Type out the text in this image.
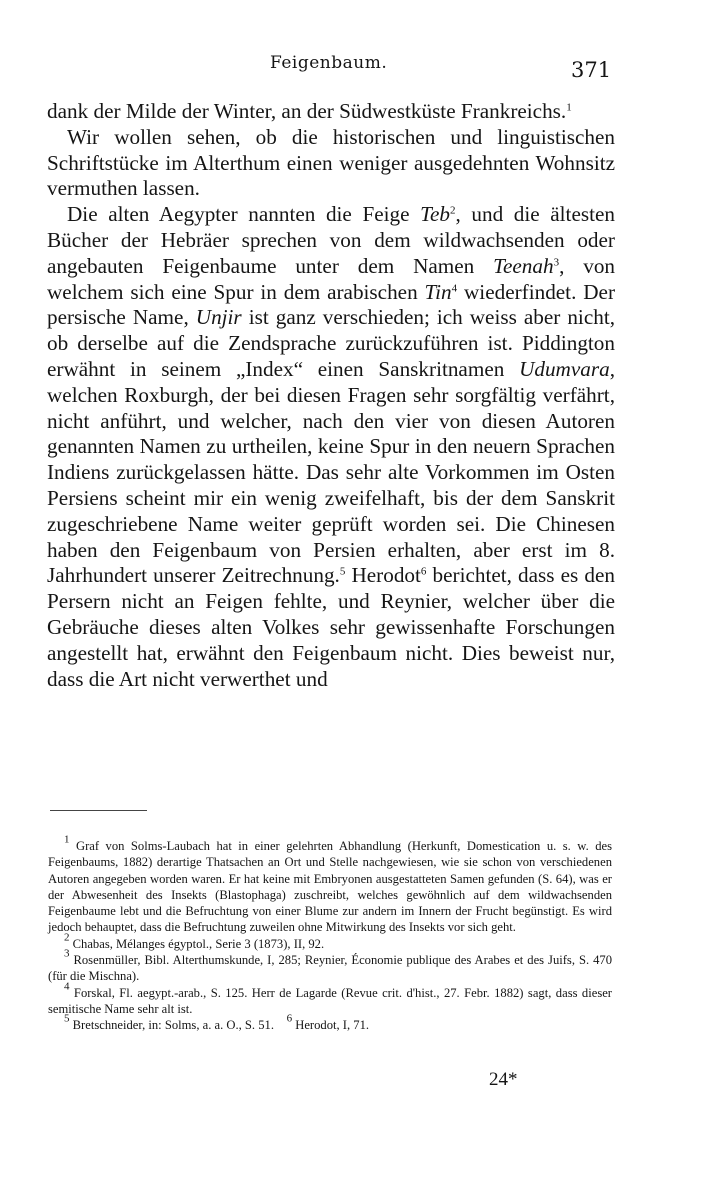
Feigenbaum.	371

dank der Milde der Winter, an der Südwestküste Frankreichs.$^1$

Wir wollen sehen, ob die historischen und linguistischen Schriftstücke im Alterthum einen weniger ausgedehnten Wohnsitz vermuthen lassen.

Die alten Aegypter nannten die Feige Teb$^2$, und die ältesten Bücher der Hebräer sprechen von dem wildwachsenden oder angebauten Feigenbaume unter dem Namen Teenah$^3$, von welchem sich eine Spur in dem arabischen Tin$^4$ wiederfindet. Der persische Name, Unjir ist ganz verschieden; ich weiss aber nicht, ob derselbe auf die Zendsprache zurückzuführen ist. Piddington erwähnt in seinem „Index“ einen Sanskritnamen Udumvara, welchen Roxburgh, der bei diesen Fragen sehr sorgfältig verfährt, nicht anführt, und welcher, nach den vier von diesen Autoren genannten Namen zu urtheilen, keine Spur in den neuern Sprachen Indiens zurückgelassen hätte. Das sehr alte Vorkommen im Osten Persiens scheint mir ein wenig zweifelhaft, bis der dem Sanskrit zugeschriebene Name weiter geprüft worden sei. Die Chinesen haben den Feigenbaum von Persien erhalten, aber erst im 8. Jahrhundert unserer Zeitrechnung.$^5$ Herodot$^6$ berichtet, dass es den Persern nicht an Feigen fehlte, und Reynier, welcher über die Gebräuche dieses alten Volkes sehr gewissenhafte Forschungen angestellt hat, erwähnt den Feigenbaum nicht. Dies beweist nur, dass die Art nicht verwerthet und

$^1$ Graf von Solms-Laubach hat in einer gelehrten Abhandlung (Herkunft, Domestication u. s. w. des Feigenbaums, 1882) derartige Thatsachen an Ort und Stelle nachgewiesen, wie sie schon von verschiedenen Autoren angegeben worden waren. Er hat keine mit Embryonen ausgestatteten Samen gefunden (S. 64), was er der Abwesenheit des Insekts (Blastophaga) zuschreibt, welches gewöhnlich auf dem wildwachsenden Feigenbaume lebt und die Befruchtung von einer Blume zur andern im Innern der Frucht begünstigt. Es wird jedoch behauptet, dass die Befruchtung zuweilen ohne Mitwirkung des Insekts vor sich geht.

$^2$ Chabas, Mélanges égyptol., Serie 3 (1873), II, 92.

$^3$ Rosenmüller, Bibl. Alterthumskunde, I, 285; Reynier, Économie publique des Arabes et des Juifs, S. 470 (für die Mischna).

$^4$ Forskal, Fl. aegypt.-arab., S. 125. Herr de Lagarde (Revue crit. d'hist., 27. Febr. 1882) sagt, dass dieser semitische Name sehr alt ist.

$^5$ Bretschneider, in: Solms, a. a. O., S. 51. $^6$ Herodot, I, 71.

24*
